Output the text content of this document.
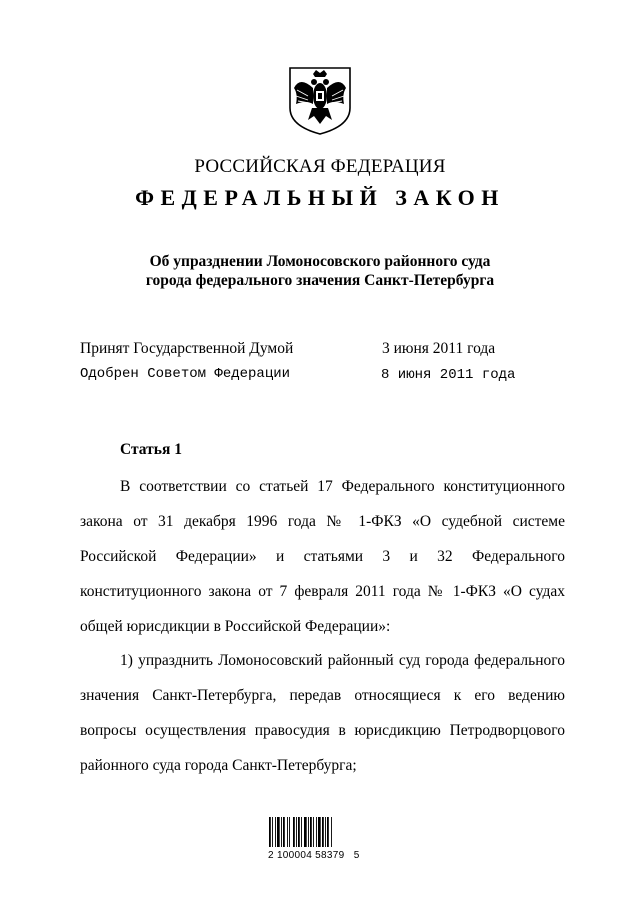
РОССИЙСКАЯ ФЕДЕРАЦИЯ
ФЕДЕРАЛЬНЫЙ ЗАКОН
Об упразднении Ломоносовского районного суда
города федерального значения Санкт-Петербурга
Принят Государственной Думой	3 июня 2011 года
Одобрен Советом Федерации	8 июня 2011 года
Статья 1
В соответствии со статьей 17 Федерального конституционного закона от 31 декабря 1996 года № 1-ФКЗ «О судебной системе Российской Федерации» и статьями 3 и 32 Федерального конституционного закона от 7 февраля 2011 года № 1-ФКЗ «О судах общей юрисдикции в Российской Федерации»:
1) упразднить Ломоносовский районный суд города федерального значения Санкт-Петербурга, передав относящиеся к его ведению вопросы осуществления правосудия в юрисдикцию Петродворцового районного суда города Санкт-Петербурга;
2 100004 58379   5
